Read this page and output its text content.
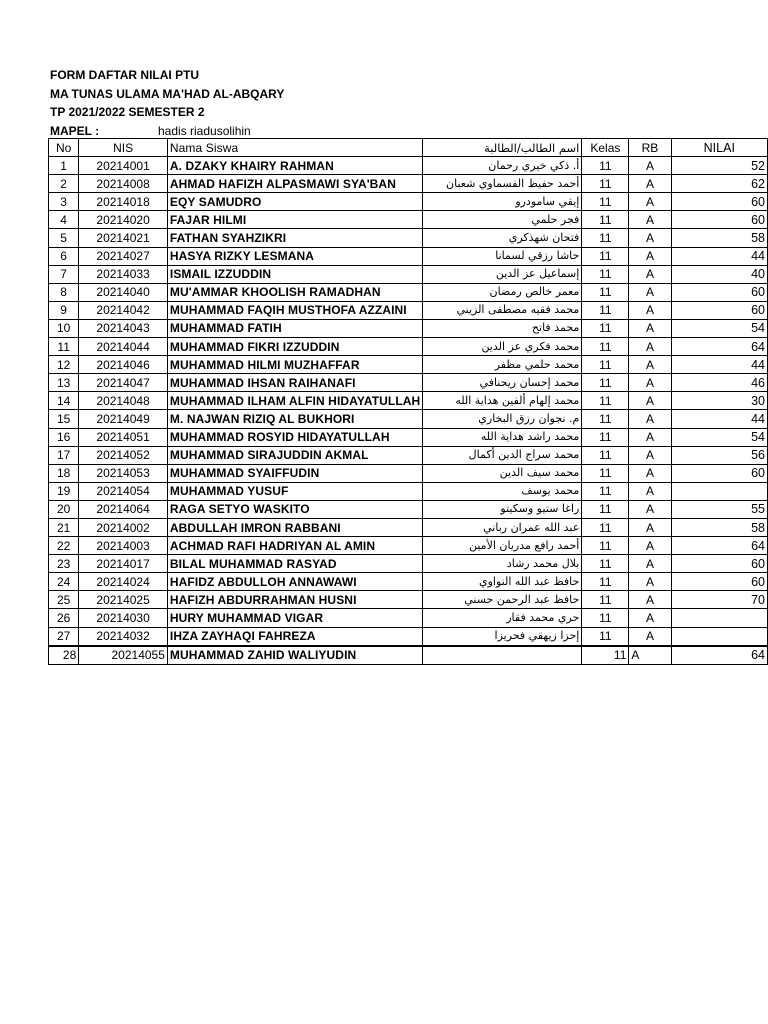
FORM DAFTAR NILAI PTU
MA TUNAS ULAMA MA'HAD AL-ABQARY
TP 2021/2022 SEMESTER 2
MAPEL :	hadis riadusolihin
No	NIS	Nama Siswa	اسم الطالب/الطالبة	Kelas	RB	NILAI
1	20214001	A. DZAKY KHAIRY RAHMAN	أ. ذكي خيري رحمان	11	A	52
2	20214008	AHMAD HAFIZH ALPASMAWI SYA'BAN	أحمد حفيظ الفسماوي شعبان	11	A	62
3	20214018	EQY SAMUDRO	إيقي سامودرو	11	A	60
4	20214020	FAJAR HILMI	فجر حلمي	11	A	60
5	20214021	FATHAN SYAHZIKRI	فتحان شهذكري	11	A	58
6	20214027	HASYA RIZKY LESMANA	حاشا رزقي لسمانا	11	A	44
7	20214033	ISMAIL IZZUDDIN	إسماعيل عز الدين	11	A	40
8	20214040	MU'AMMAR KHOOLISH RAMADHAN	معمر خالص رمضان	11	A	60
9	20214042	MUHAMMAD FAQIH MUSTHOFA AZZAINI	محمد فقيه مصطفى الزيني	11	A	60
10	20214043	MUHAMMAD FATIH	محمد فاتح	11	A	54
11	20214044	MUHAMMAD FIKRI IZZUDDIN	محمد فكري عز الدين	11	A	64
12	20214046	MUHAMMAD HILMI MUZHAFFAR	محمد حلمي مظفر	11	A	44
13	20214047	MUHAMMAD IHSAN RAIHANAFI	محمد إحسان ريحنافي	11	A	46
14	20214048	MUHAMMAD ILHAM ALFIN HIDAYATULLAH	محمد إلهام ألفين هداية الله	11	A	30
15	20214049	M. NAJWAN RIZIQ AL BUKHORI	م. نجوان رزق البخاري	11	A	44
16	20214051	MUHAMMAD ROSYID HIDAYATULLAH	محمد راشد هداية الله	11	A	54
17	20214052	MUHAMMAD SIRAJUDDIN AKMAL	محمد سراج الدين أكمال	11	A	56
18	20214053	MUHAMMAD SYAIFFUDIN	محمد سيف الدين	11	A	60
19	20214054	MUHAMMAD YUSUF	محمد يوسف	11	A	
20	20214064	RAGA SETYO WASKITO	راغا ستيو وسكيتو	11	A	55
21	20214002	ABDULLAH IMRON RABBANI	عبد الله عمران رباني	11	A	58
22	20214003	ACHMAD RAFI HADRIYAN AL AMIN	أحمد رافع مدريان الأمين	11	A	64
23	20214017	BILAL MUHAMMAD RASYAD	بلال محمد رشاد	11	A	60
24	20214024	HAFIDZ ABDULLOH ANNAWAWI	حافظ عبد الله النواوي	11	A	60
25	20214025	HAFIZH ABDURRAHMAN HUSNI	حافظ عبد الرحمن حسني	11	A	70
26	20214030	HURY MUHAMMAD VIGAR	حري محمد فقار	11	A	
27	20214032	IHZA ZAYHAQI FAHREZA	إحزا زيهقي فحريزا	11	A	
28	20214055	MUHAMMAD ZAHID WALIYUDIN		11	A	64
